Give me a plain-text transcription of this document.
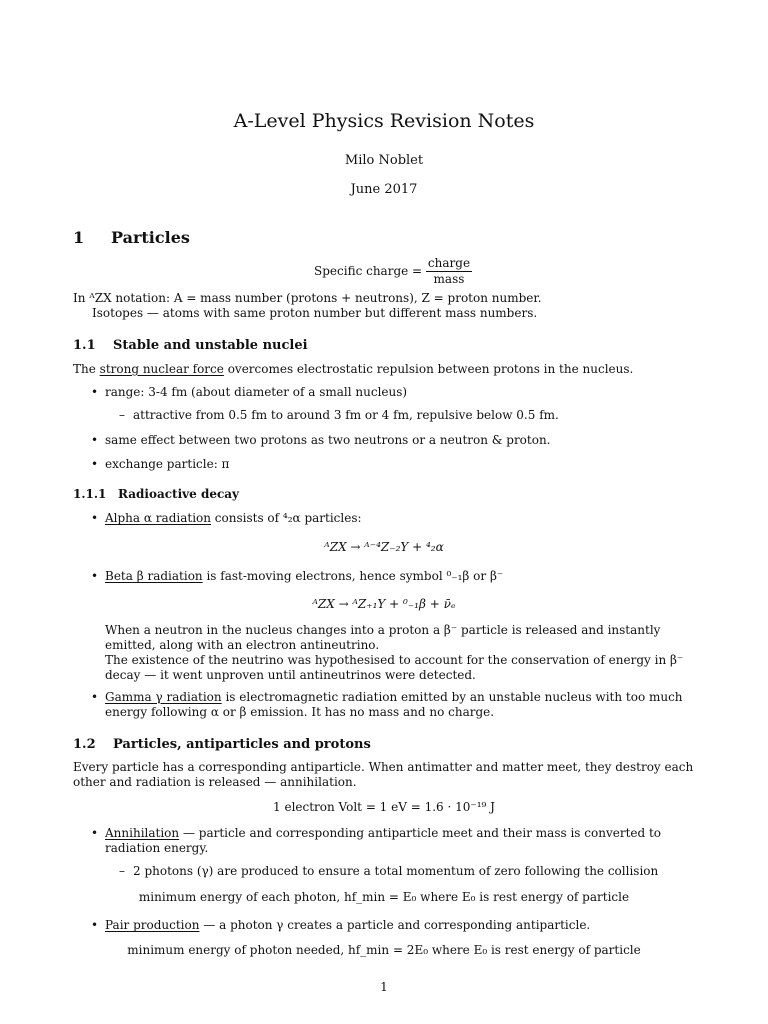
A-Level Physics Revision Notes
Milo Noblet
June 2017
1 Particles
Specific charge = $\frac{\text{charge}}{\text{mass}}$
In ᴬZX notation: A = mass number (protons + neutrons), Z = proton number.
Isotopes — atoms with same proton number but different mass numbers.
1.1 Stable and unstable nuclei
The strong nuclear force overcomes electrostatic repulsion between protons in the nucleus.
• range: 3-4 fm (about diameter of a small nucleus)
– attractive from 0.5 fm to around 3 fm or 4 fm, repulsive below 0.5 fm.
• same effect between two protons as two neutrons or a neutron & proton.
• exchange particle: π
1.1.1 Radioactive decay
• Alpha α radiation consists of ⁴₂α particles:
ᴬZX → ᴬ⁻⁴Z₋₂Y + ⁴₂α
• Beta β radiation is fast-moving electrons, hence symbol ⁰₋₁β or β⁻
ᴬZX → ᴬZ₊₁Y + ⁰₋₁β + ν̄ₑ
When a neutron in the nucleus changes into a proton a β⁻ particle is released and instantly emitted, along with an electron antineutrino.
The existence of the neutrino was hypothesised to account for the conservation of energy in β⁻ decay — it went unproven until antineutrinos were detected.
• Gamma γ radiation is electromagnetic radiation emitted by an unstable nucleus with too much energy following α or β emission. It has no mass and no charge.
1.2 Particles, antiparticles and protons
Every particle has a corresponding antiparticle. When antimatter and matter meet, they destroy each other and radiation is released — annihilation.
1 electron Volt = 1 eV = 1.6 · 10⁻¹⁹ J
• Annihilation — particle and corresponding antiparticle meet and their mass is converted to radiation energy.
– 2 photons (γ) are produced to ensure a total momentum of zero following the collision
minimum energy of each photon, hf_min = E₀ where E₀ is rest energy of particle
• Pair production — a photon γ creates a particle and corresponding antiparticle.
minimum energy of photon needed, hf_min = 2E₀ where E₀ is rest energy of particle
1
